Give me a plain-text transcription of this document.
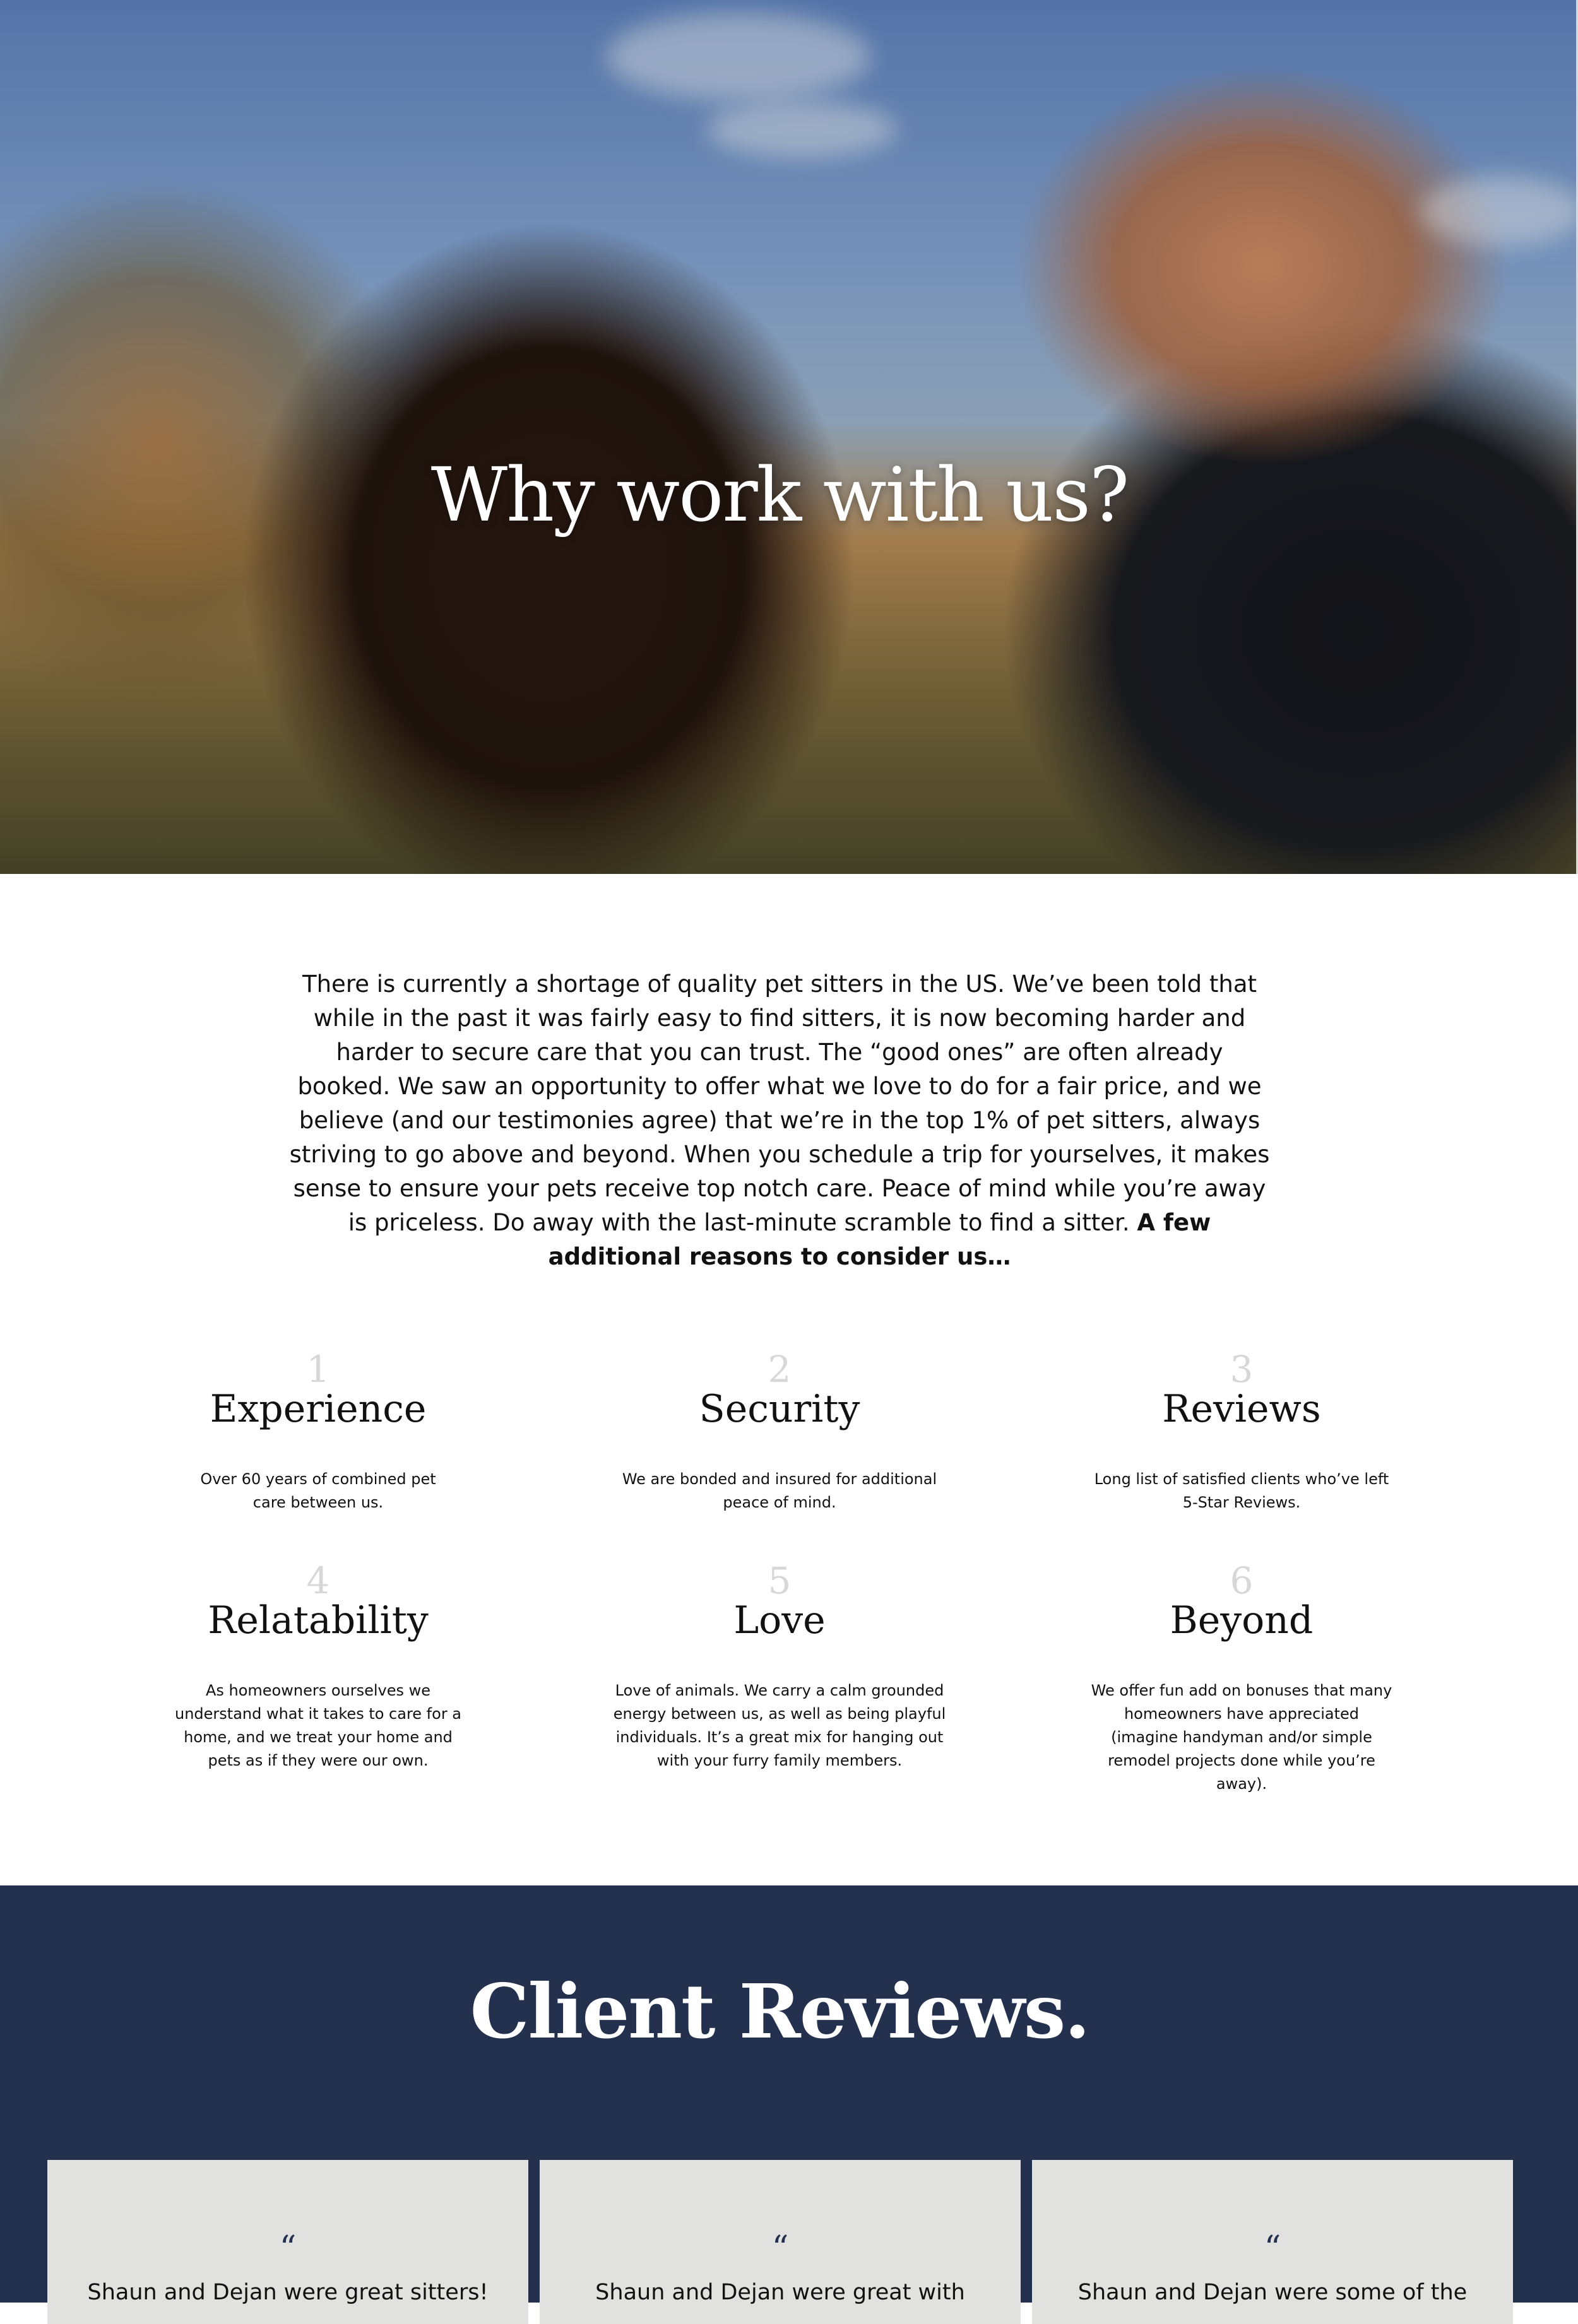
Why work with us?

There is currently a shortage of quality pet sitters in the US. We’ve been told that while in the past it was fairly easy to find sitters, it is now becoming harder and harder to secure care that you can trust. The “good ones” are often already booked. We saw an opportunity to offer what we love to do for a fair price, and we believe (and our testimonies agree) that we’re in the top 1% of pet sitters, always striving to go above and beyond. When you schedule a trip for yourselves, it makes sense to ensure your pets receive top notch care. Peace of mind while you’re away is priceless. Do away with the last-minute scramble to find a sitter. A few additional reasons to consider us…

1
Experience
Over 60 years of combined pet care between us.
2
Security
We are bonded and insured for additional peace of mind.
3
Reviews
Long list of satisfied clients who’ve left 5-Star Reviews.
4
Relatability
As homeowners ourselves we understand what it takes to care for a home, and we treat your home and pets as if they were our own.
5
Love
Love of animals. We carry a calm grounded energy between us, as well as being playful individuals. It’s a great mix for hanging out with your furry family members.
6
Beyond
We offer fun add on bonuses that many homeowners have appreciated (imagine handyman and/or simple remodel projects done while you’re away).
Client Reviews.
“
Shaun and Dejan were great sitters!
“
Shaun and Dejan were great with
“
Shaun and Dejan were some of the
